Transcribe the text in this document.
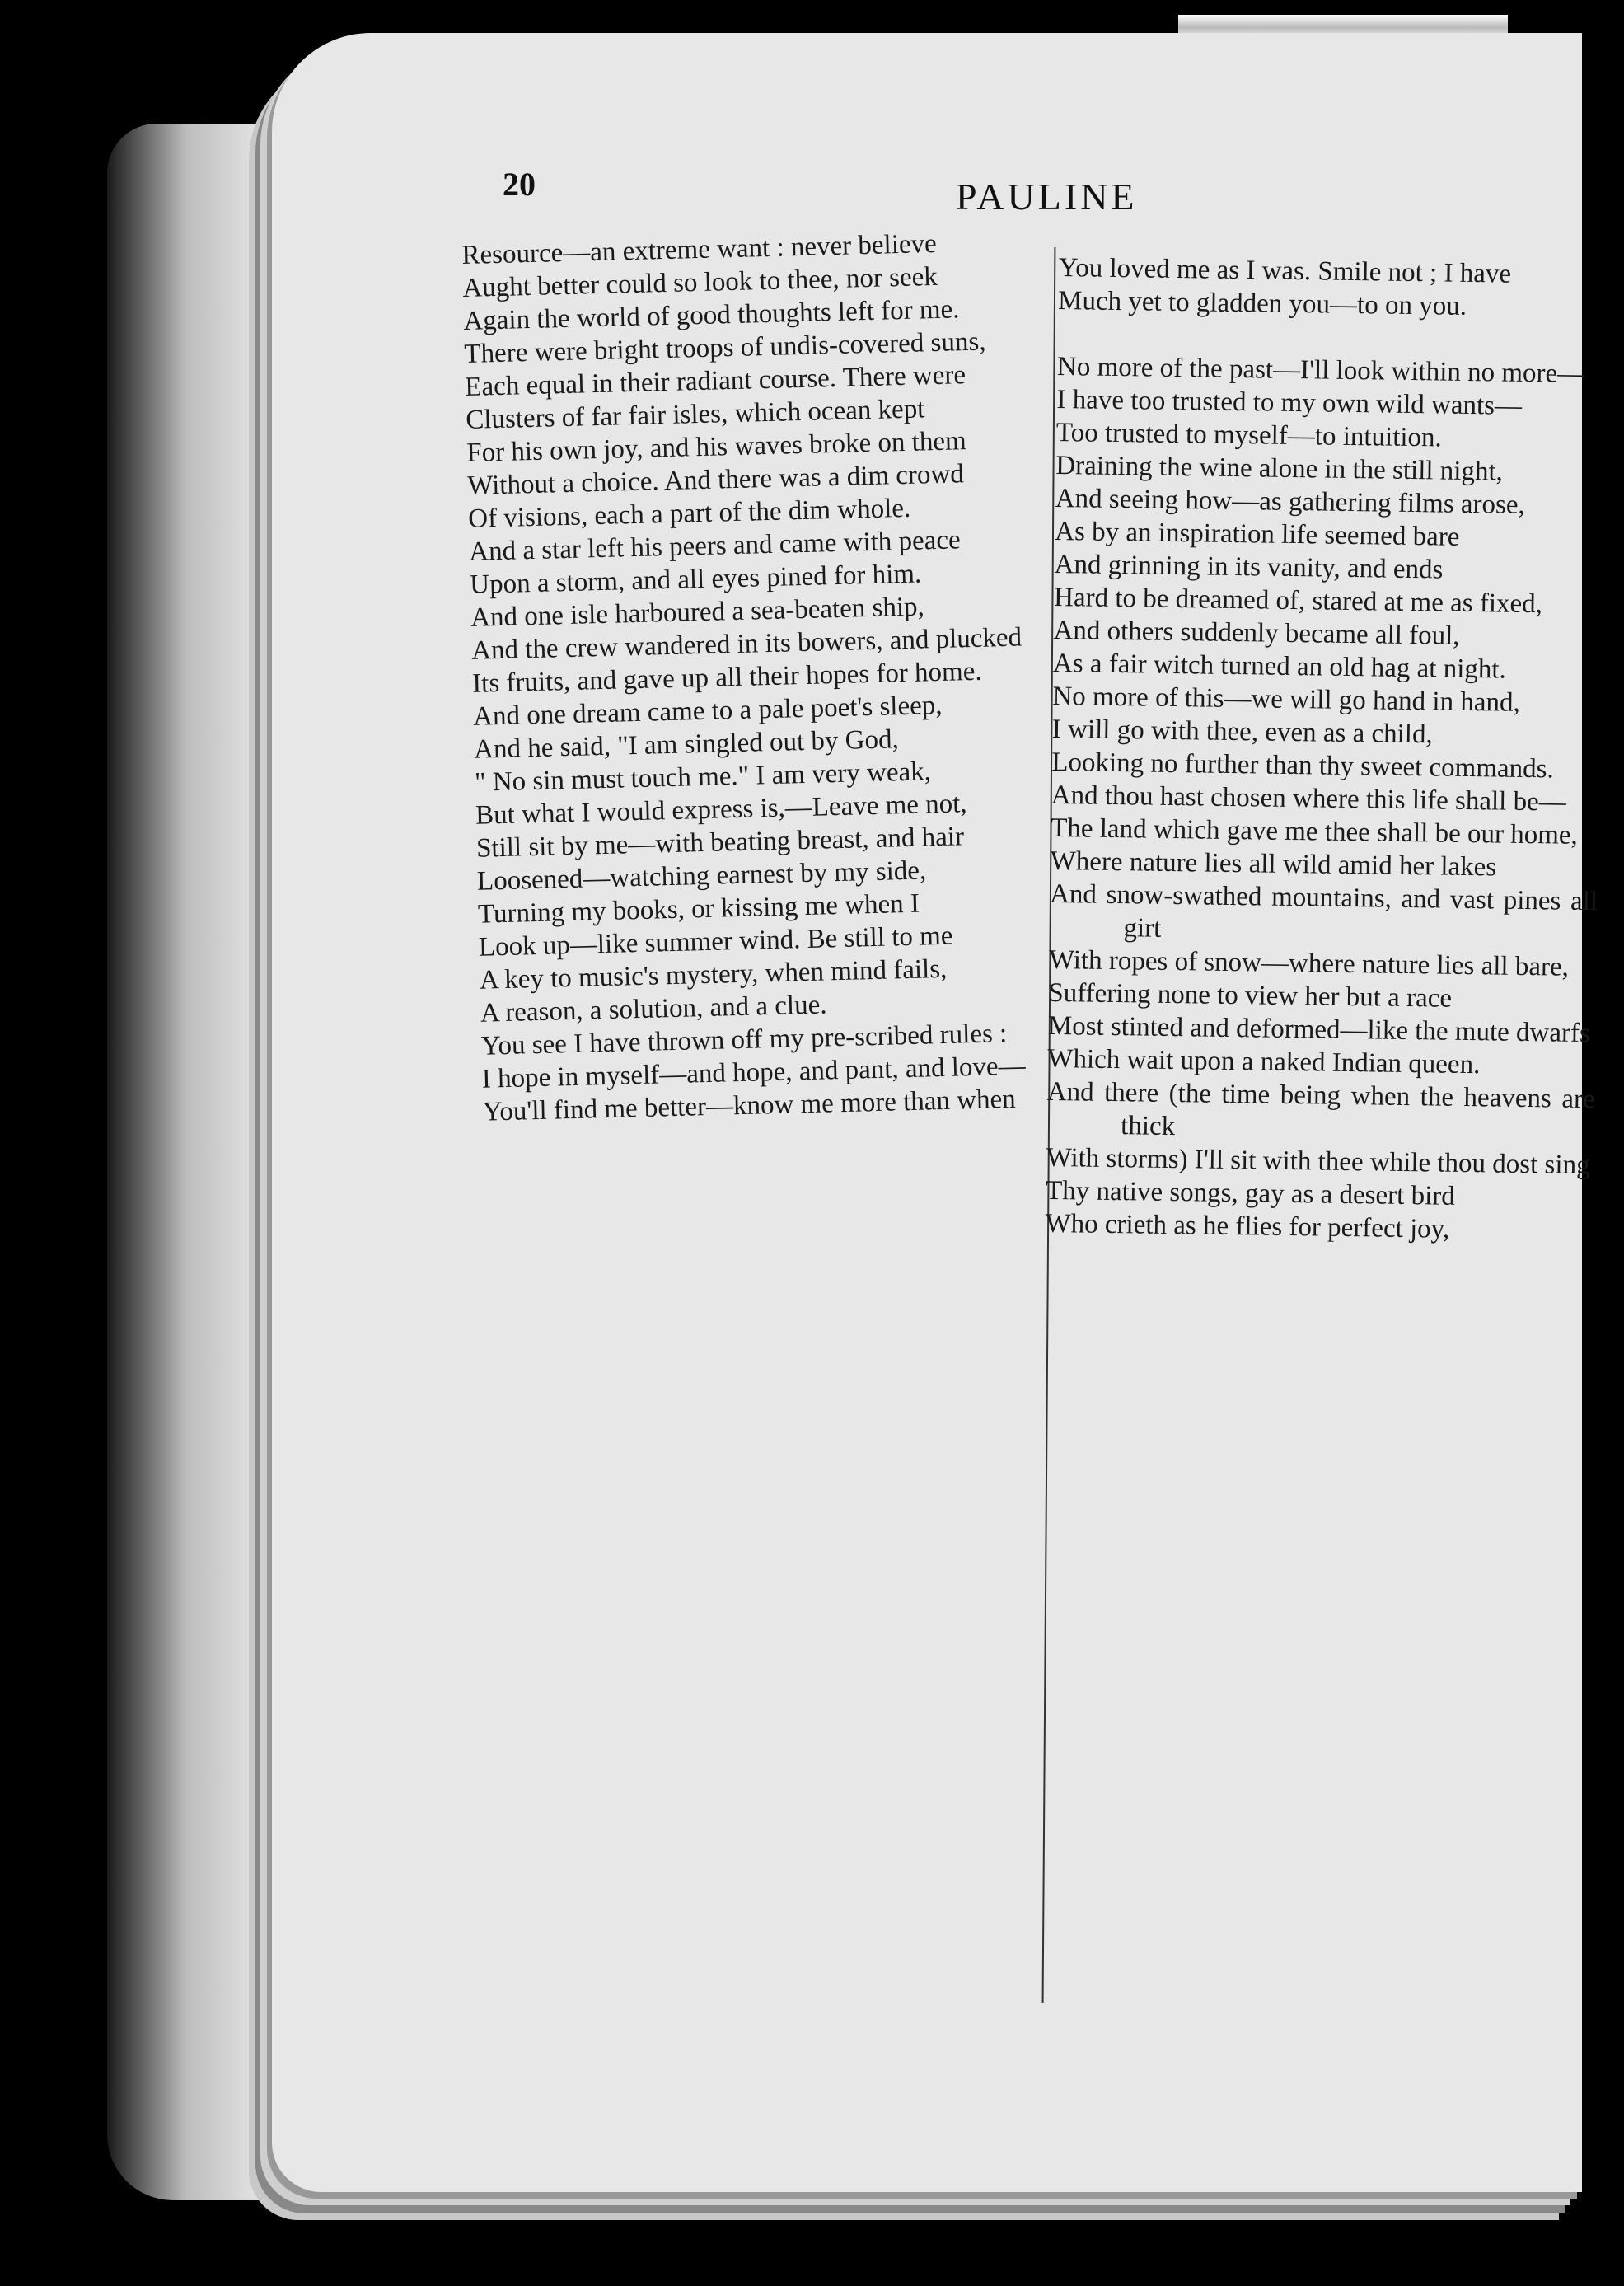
20	PAULINE
Resource—an extreme want : never believe
Aught better could so look to thee, nor seek
Again the world of good thoughts left for me.
There were bright troops of undis-covered suns,
Each equal in their radiant course. There were
Clusters of far fair isles, which ocean kept
For his own joy, and his waves broke on them
Without a choice. And there was a dim crowd
Of visions, each a part of the dim whole.
And a star left his peers and came with peace
Upon a storm, and all eyes pined for him.
And one isle harboured a sea-beaten ship,
And the crew wandered in its bowers, and plucked
Its fruits, and gave up all their hopes for home.
And one dream came to a pale poet's sleep,
And he said, "I am singled out by God,
" No sin must touch me." I am very weak,
But what I would express is,—Leave me not,
Still sit by me—with beating breast, and hair
Loosened—watching earnest by my side,
Turning my books, or kissing me when I
Look up—like summer wind. Be still to me
A key to music's mystery, when mind fails,
A reason, a solution, and a clue.
You see I have thrown off my pre-scribed rules :
I hope in myself—and hope, and pant, and love—
You'll find me better—know me more than when
You loved me as I was. Smile not ; I have
Much yet to gladden you—to on you.
No more of the past—I'll look within no more—
I have too trusted to my own wild wants—
Too trusted to myself—to intuition.
Draining the wine alone in the still night,
And seeing how—as gathering films arose,
As by an inspiration life seemed bare
And grinning in its vanity, and ends
Hard to be dreamed of, stared at me as fixed,
And others suddenly became all foul,
As a fair witch turned an old hag at night.
No more of this—we will go hand in hand,
I will go with thee, even as a child,
Looking no further than thy sweet commands.
And thou hast chosen where this life shall be—
The land which gave me thee shall be our home,
Where nature lies all wild amid her lakes
And snow-swathed mountains, and vast pines all girt
With ropes of snow—where nature lies all bare,
Suffering none to view her but a race
Most stinted and deformed—like the mute dwarfs
Which wait upon a naked Indian queen.
And there (the time being when the heavens are thick
With storms) I'll sit with thee while thou dost sing
Thy native songs, gay as a desert bird
Who crieth as he flies for perfect joy,
